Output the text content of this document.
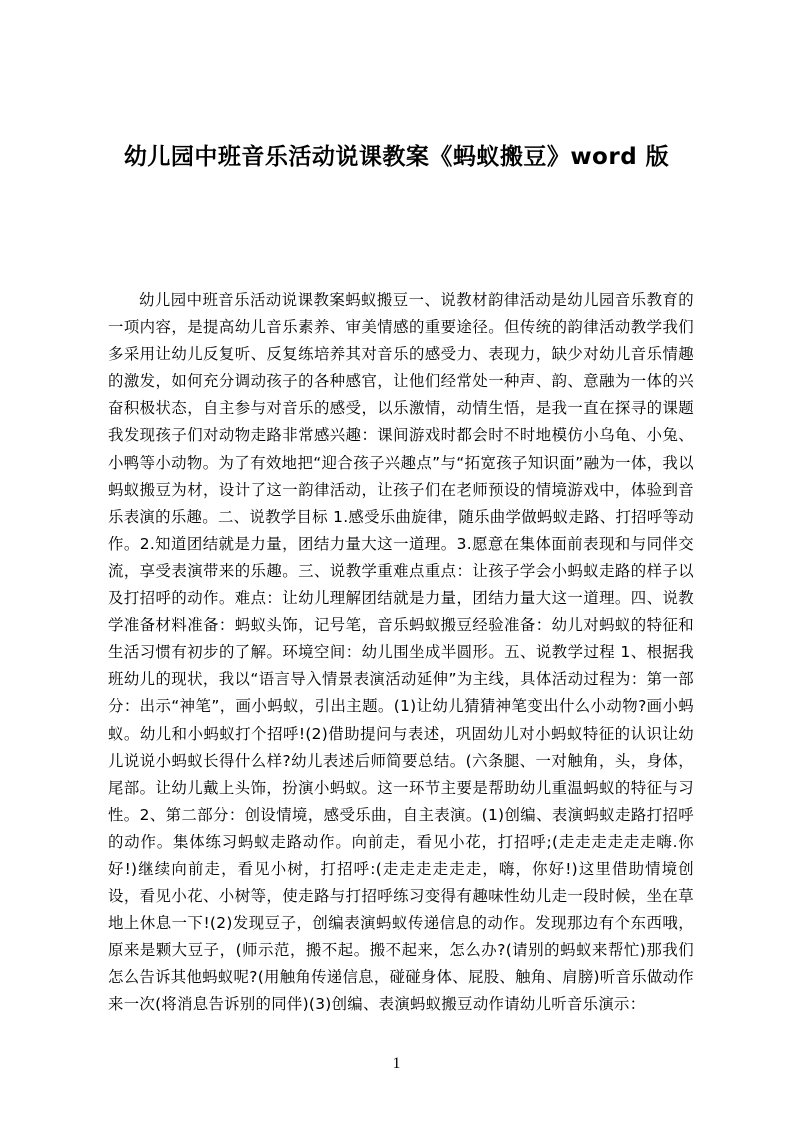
幼儿园中班音乐活动说课教案《蚂蚁搬豆》word 版

幼儿园中班音乐活动说课教案蚂蚁搬豆一、说教材韵律活动是幼儿园音乐教育的一项内容，是提高幼儿音乐素养、审美情感的重要途径。但传统的韵律活动教学我们多采用让幼儿反复听、反复练培养其对音乐的感受力、表现力，缺少对幼儿音乐情趣的激发，如何充分调动孩子的各种感官，让他们经常处一种声、韵、意融为一体的兴奋积极状态，自主参与对音乐的感受，以乐激情，动情生悟，是我一直在探寻的课题我发现孩子们对动物走路非常感兴趣：课间游戏时都会时不时地模仿小乌龟、小兔、小鸭等小动物。为了有效地把“迎合孩子兴趣点”与“拓宽孩子知识面”融为一体，我以蚂蚁搬豆为材，设计了这一韵律活动，让孩子们在老师预设的情境游戏中，体验到音乐表演的乐趣。二、说教学目标 1.感受乐曲旋律，随乐曲学做蚂蚁走路、打招呼等动作。2.知道团结就是力量，团结力量大这一道理。3.愿意在集体面前表现和与同伴交流，享受表演带来的乐趣。三、说教学重难点重点：让孩子学会小蚂蚁走路的样子以及打招呼的动作。难点：让幼儿理解团结就是力量，团结力量大这一道理。四、说教学准备材料准备：蚂蚁头饰，记号笔，音乐蚂蚁搬豆经验准备：幼儿对蚂蚁的特征和生活习惯有初步的了解。环境空间：幼儿围坐成半圆形。五、说教学过程 1、根据我班幼儿的现状，我以“语言导入情景表演活动延伸”为主线，具体活动过程为：第一部分：出示“神笔”，画小蚂蚁，引出主题。(1)让幼儿猜猜神笔变出什么小动物?画小蚂蚁。幼儿和小蚂蚁打个招呼!(2)借助提问与表述，巩固幼儿对小蚂蚁特征的认识让幼儿说说小蚂蚁长得什么样?幼儿表述后师简要总结。(六条腿、一对触角，头，身体，尾部。让幼儿戴上头饰，扮演小蚂蚁。这一环节主要是帮助幼儿重温蚂蚁的特征与习性。2、第二部分：创设情境，感受乐曲，自主表演。(1)创编、表演蚂蚁走路打招呼的动作。集体练习蚂蚁走路动作。向前走，看见小花，打招呼;(走走走走走走嗨.你好!)继续向前走，看见小树，打招呼:(走走走走走走，嗨，你好!)这里借助情境创设，看见小花、小树等，使走路与打招呼练习变得有趣味性幼儿走一段时候，坐在草地上休息一下!(2)发现豆子，创编表演蚂蚁传递信息的动作。发现那边有个东西哦，原来是颗大豆子，(师示范，搬不起。搬不起来，怎么办?(请别的蚂蚁来帮忙)那我们怎么告诉其他蚂蚁呢?(用触角传递信息，碰碰身体、屁股、触角、肩膀)听音乐做动作来一次(将消息告诉别的同伴)(3)创编、表演蚂蚁搬豆动作请幼儿听音乐演示：

1
